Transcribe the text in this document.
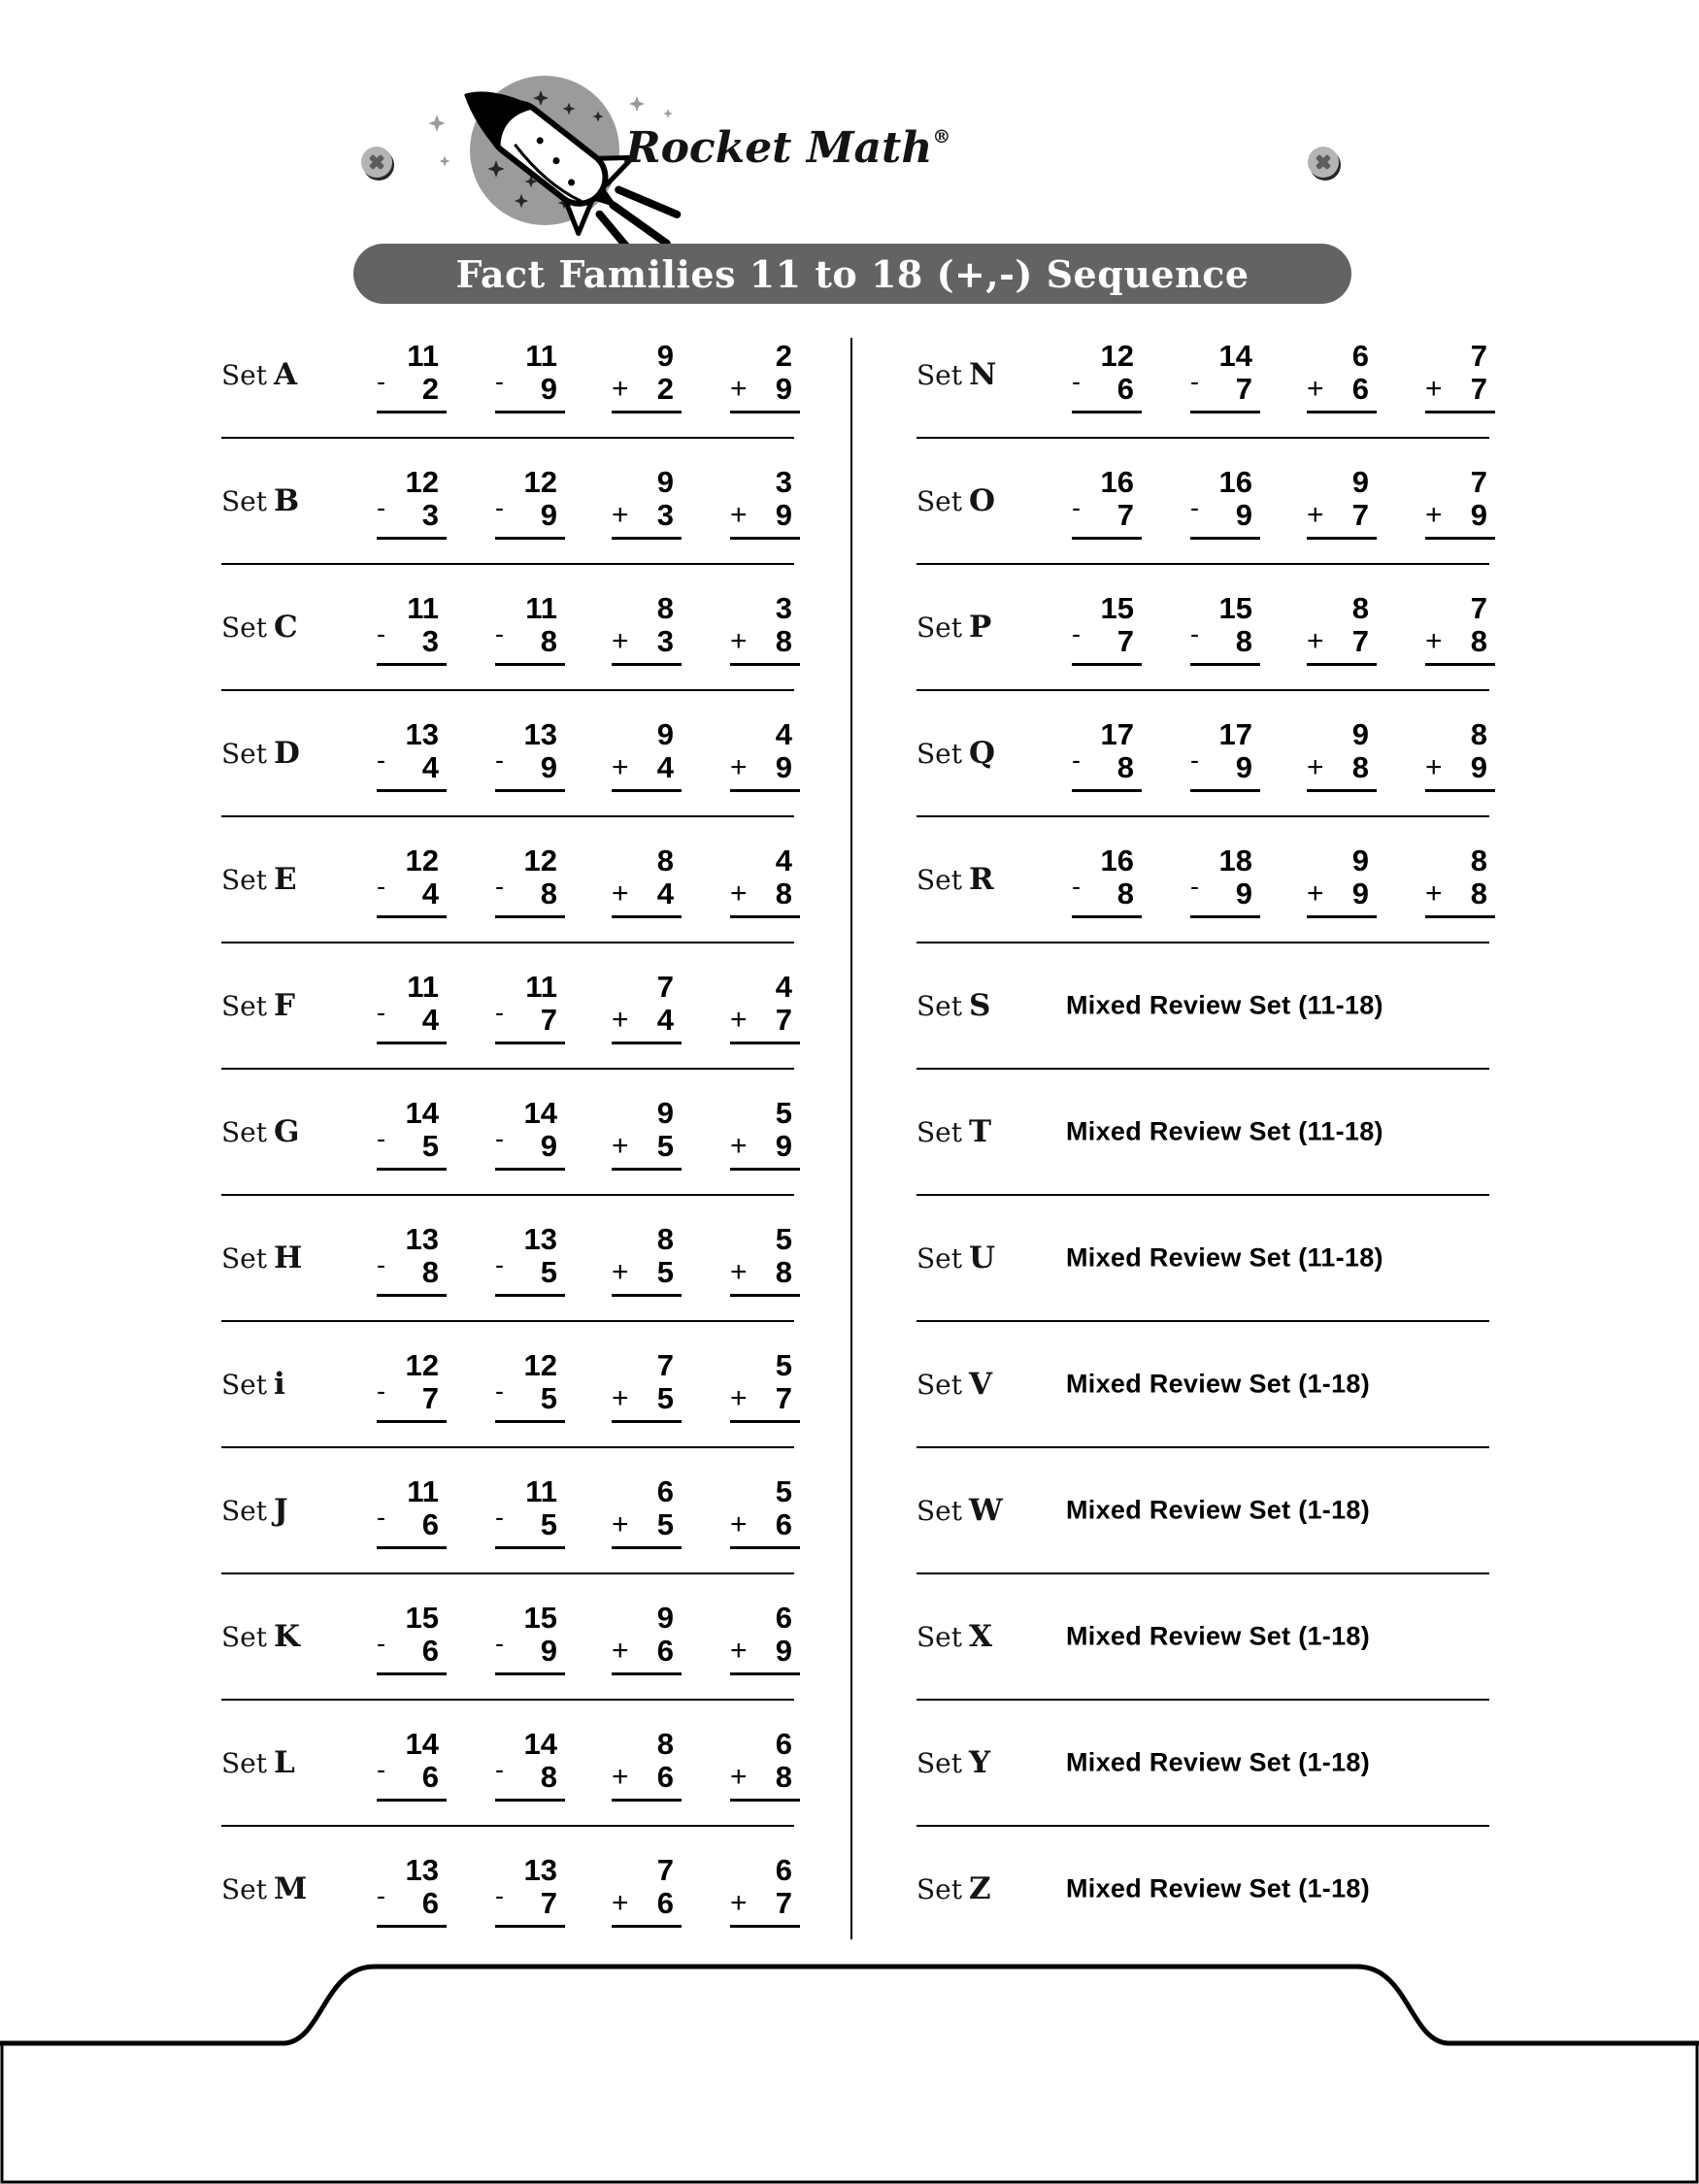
Rocket Math®
Fact Families 11 to 18 (+,-) Sequence
Set A
11
- 2
11
- 9
9
+ 2
2
+ 9
Set B
12
- 3
12
- 9
9
+ 3
3
+ 9
Set C
11
- 3
11
- 8
8
+ 3
3
+ 8
Set D
13
- 4
13
- 9
9
+ 4
4
+ 9
Set E
12
- 4
12
- 8
8
+ 4
4
+ 8
Set F
11
- 4
11
- 7
7
+ 4
4
+ 7
Set G
14
- 5
14
- 9
9
+ 5
5
+ 9
Set H
13
- 8
13
- 5
8
+ 5
5
+ 8
Set i
12
- 7
12
- 5
7
+ 5
5
+ 7
Set J
11
- 6
11
- 5
6
+ 5
5
+ 6
Set K
15
- 6
15
- 9
9
+ 6
6
+ 9
Set L
14
- 6
14
- 8
8
+ 6
6
+ 8
Set M
13
- 6
13
- 7
7
+ 6
6
+ 7
Set N
12
- 6
14
- 7
6
+ 6
7
+ 7
Set O
16
- 7
16
- 9
9
+ 7
7
+ 9
Set P
15
- 7
15
- 8
8
+ 7
7
+ 8
Set Q
17
- 8
17
- 9
9
+ 8
8
+ 9
Set R
16
- 8
18
- 9
9
+ 9
8
+ 8
Set S	Mixed Review Set (11-18)
Set T	Mixed Review Set (11-18)
Set U	Mixed Review Set (11-18)
Set V	Mixed Review Set (1-18)
Set W Mixed Review Set (1-18)
Set X	Mixed Review Set (1-18)
Set Y	Mixed Review Set (1-18)
Set Z	Mixed Review Set (1-18)
